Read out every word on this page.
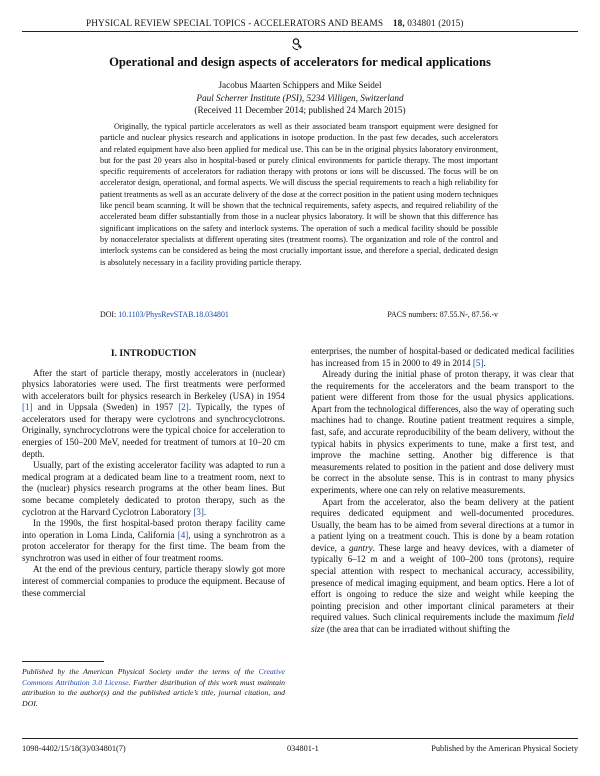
PHYSICAL REVIEW SPECIAL TOPICS - ACCELERATORS AND BEAMS 18, 034801 (2015)
Operational and design aspects of accelerators for medical applications
Jacobus Maarten Schippers and Mike Seidel
Paul Scherrer Institute (PSI), 5234 Villigen, Switzerland
(Received 11 December 2014; published 24 March 2015)

Originally, the typical particle accelerators as well as their associated beam transport equipment were designed for particle and nuclear physics research and applications in isotope production. In the past few decades, such accelerators and related equipment have also been applied for medical use. This can be in the original physics laboratory environment, but for the past 20 years also in hospital-based or purely clinical environments for particle therapy. The most important specific requirements of accelerators for radiation therapy with protons or ions will be discussed. The focus will be on accelerator design, operational, and formal aspects. We will discuss the special requirements to reach a high reliability for patient treatments as well as an accurate delivery of the dose at the correct position in the patient using modern techniques like pencil beam scanning. It will be shown that the technical requirements, safety aspects, and required reliability of the accelerated beam differ substantially from those in a nuclear physics laboratory. It will be shown that this difference has significant implications on the safety and interlock systems. The operation of such a medical facility should be possible by nonaccelerator specialists at different operating sites (treatment rooms). The organization and role of the control and interlock systems can be considered as being the most crucially important issue, and therefore a special, dedicated design is absolutely necessary in a facility providing particle therapy.

DOI: 10.1103/PhysRevSTAB.18.034801	PACS numbers: 87.55.N-, 87.56.-v
I. INTRODUCTION

After the start of particle therapy, mostly accelerators in (nuclear) physics laboratories were used. The first treatments were performed with accelerators built for physics research in Berkeley (USA) in 1954 [1] and in Uppsala (Sweden) in 1957 [2]. Typically, the types of accelerators used for therapy were cyclotrons and synchrocyclotrons. Originally, synchrocyclotrons were the typical choice for acceleration to energies of 150–200 MeV, needed for treatment of tumors at 10–20 cm depth.

Usually, part of the existing accelerator facility was adapted to run a medical program at a dedicated beam line to a treatment room, next to the (nuclear) physics research programs at the other beam lines. But some became completely dedicated to proton therapy, such as the cyclotron at the Harvard Cyclotron Laboratory [3].

In the 1990s, the first hospital-based proton therapy facility came into operation in Loma Linda, California [4], using a synchrotron as a proton accelerator for therapy for the first time. The beam from the synchrotron was used in either of four treatment rooms.

At the end of the previous century, particle therapy slowly got more interest of commercial companies to produce the equipment. Because of these commercial

enterprises, the number of hospital-based or dedicated medical facilities has increased from 15 in 2000 to 49 in 2014 [5].

Already during the initial phase of proton therapy, it was clear that the requirements for the accelerators and the beam transport to the patient were different from those for the usual physics applications. Apart from the technological differences, also the way of operating such machines had to change. Routine patient treatment requires a simple, fast, safe, and accurate reproducibility of the beam delivery, without the typical habits in physics experiments to tune, make a first test, and improve the machine setting. Another big difference is that measurements related to position in the patient and dose delivery must be correct in the absolute sense. This is in contrast to many physics experiments, where one can rely on relative measurements.

Apart from the accelerator, also the beam delivery at the patient requires dedicated equipment and well-documented procedures. Usually, the beam has to be aimed from several directions at a tumor in a patient lying on a treatment couch. This is done by a beam rotation device, a gantry. These large and heavy devices, with a diameter of typically 6–12 m and a weight of 100–200 tons (protons), require special attention with respect to mechanical accuracy, accessibility, presence of medical imaging equipment, and beam optics. Here a lot of effort is ongoing to reduce the size and weight while keeping the pointing precision and other important clinical parameters at their required values. Such clinical requirements include the maximum field size (the area that can be irradiated without shifting the

Published by the American Physical Society under the terms of the Creative Commons Attribution 3.0 License. Further distribution of this work must maintain attribution to the author(s) and the published article’s title, journal citation, and DOI.

1098-4402/15/18(3)/034801(7)	034801-1	Published by the American Physical Society
